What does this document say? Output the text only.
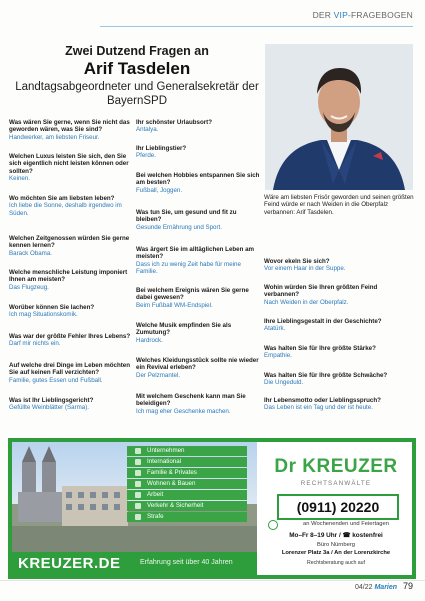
DER VIP-FRAGEBOGEN
Zwei Dutzend Fragen an
Arif Tasdelen
Landtagsabgeordneter und Generalsekretär der BayernSPD
Was wären Sie gerne, wenn Sie nicht das geworden wären, was Sie sind?
Handwerker, am liebsten Friseur.
Welchen Luxus leisten Sie sich, den Sie sich eigentlich nicht leisten können oder sollten?
Keinen.
Wo möchten Sie am liebsten leben?
Ich liebe die Sonne, deshalb irgendwo im Süden.
Welchen Zeitgenossen würden Sie gerne kennen lernen?
Barack Obama.
Welche menschliche Leistung imponiert Ihnen am meisten?
Das Flugzeug.
Worüber können Sie lachen?
Ich mag Situationskomik.
Was war der größte Fehler Ihres Lebens?
Darf mir nichts ein.
Auf welche drei Dinge im Leben möchten Sie auf keinen Fall verzichten?
Familie, gutes Essen und Fußball.
Was ist Ihr Lieblingsgericht?
Gefüllte Weinblätter (Sarma).
Ihr schönster Urlaubsort?
Antalya.
Ihr Lieblingstier?
Pferde.
Bei welchen Hobbies entspannen Sie sich am besten?
Fußball, Joggen.
Was tun Sie, um gesund und fit zu bleiben?
Gesunde Ernährung und Sport.
Was ärgert Sie im alltäglichen Leben am meisten?
Dass ich zu wenig Zeit habe für meine Familie.
Bei welchem Ereignis wären Sie gerne dabei gewesen?
Beim Fußball WM-Endspiel.
Welche Musik empfinden Sie als Zumutung?
Hardrock.
Welches Kleidungsstück sollte nie wieder ein Revival erleben?
Der Pelzmantel.
Mit welchem Geschenk kann man Sie beleidigen?
Ich mag eher Geschenke machen.
Wäre am liebsten Frisör geworden und seinen größten Feind würde er nach Weiden in die Oberpfalz verbannen: Arif Tasdelen.
Wovor ekeln Sie sich?
Vor einem Haar in der Suppe.
Wohin würden Sie Ihren größten Feind verbannen?
Nach Weiden in der Oberpfalz.
Ihre Lieblingsgestalt in der Geschichte?
Atatürk.
Was halten Sie für Ihre größte Stärke?
Empathie.
Was halten Sie für Ihre größte Schwäche?
Die Ungeduld.
Ihr Lebensmotto oder Lieblingsspruch?
Das Leben ist ein Tag und der ist heute.
Unternehmen
International
Familie & Privates
Wohnen & Bauen
Arbeit
Verkehr & Sicherheit
Strafe
KREUZER.DE	Erfahrung seit über 40 Jahren
Dr KREUZER
RECHTSANWÄLTE
(0911) 20220
an Wochenenden und Feiertagen
Mo–Fr 8–19 Uhr / ☎ kostenfrei
Büro Nürnberg
Lorenzer Platz 3a / An der Lorenzkirche
Rechtsberatung auch auf
04/22 Marien 79
